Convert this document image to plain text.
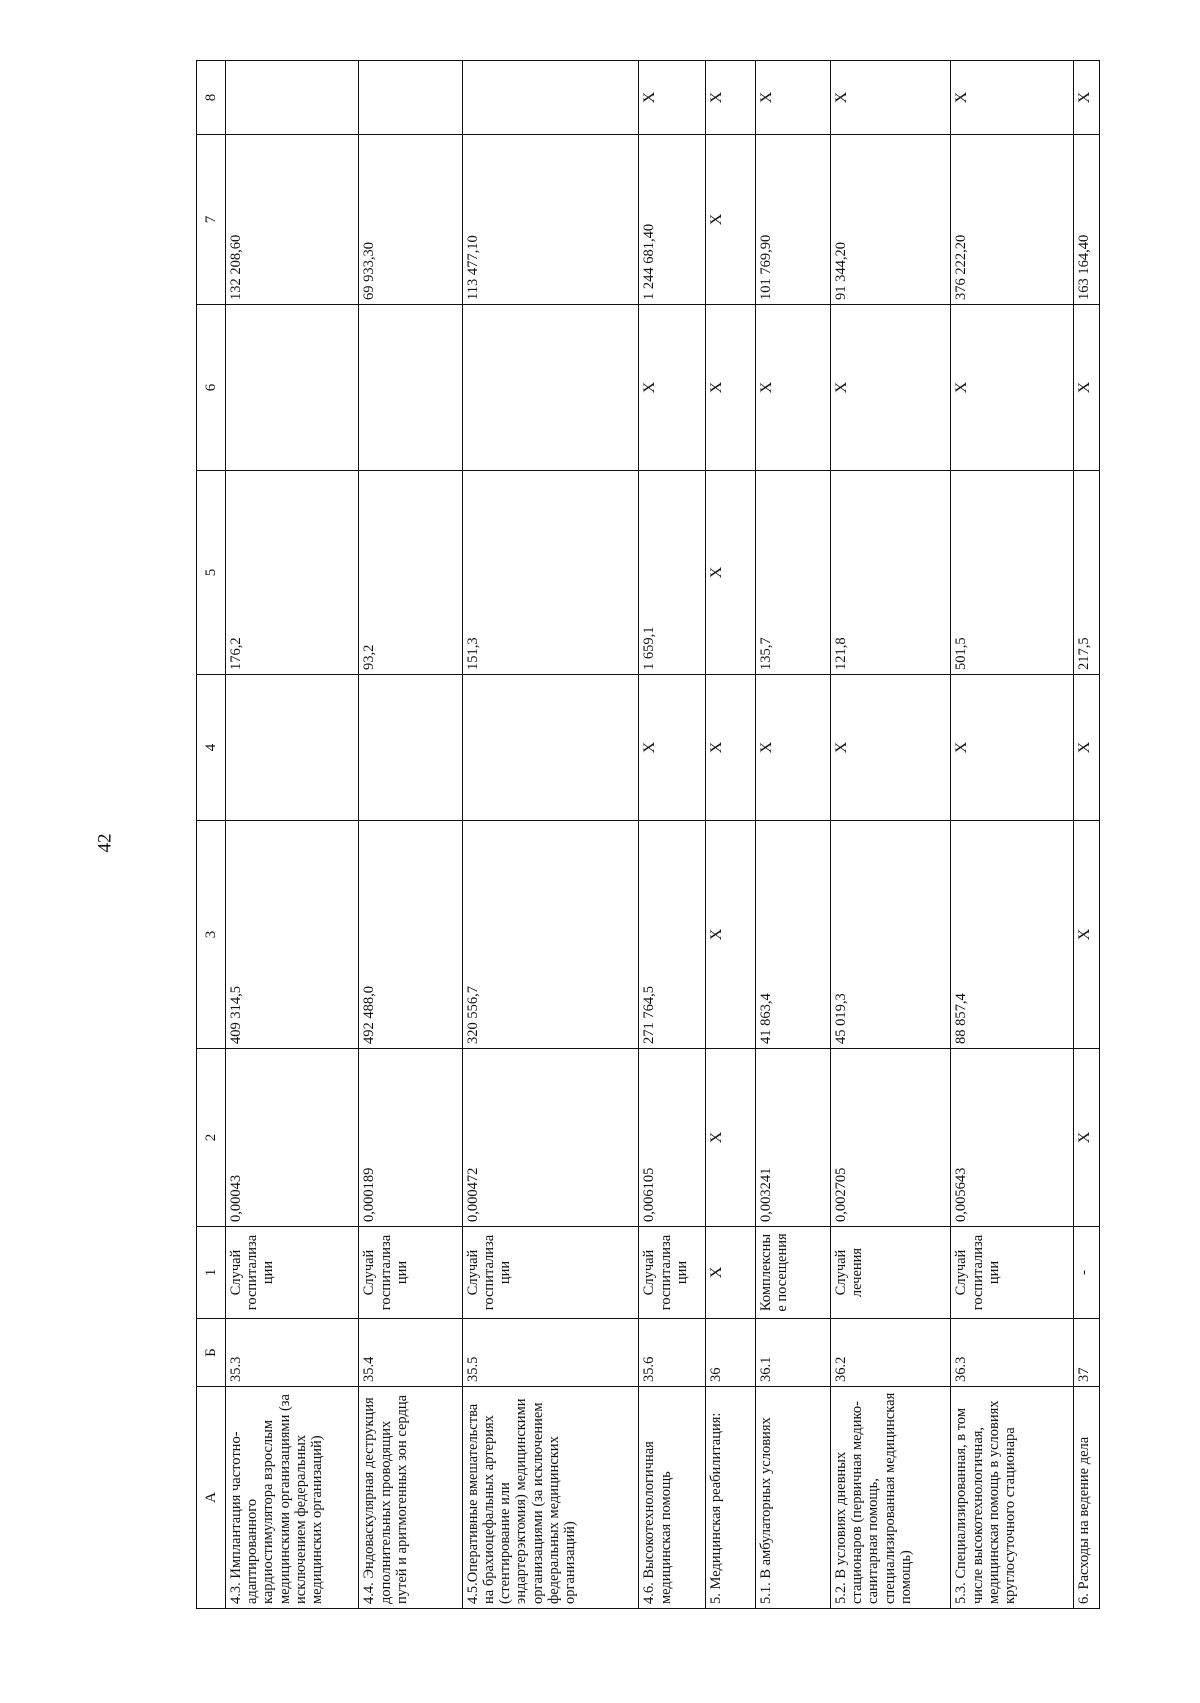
42
А	Б	1	2	3	4	5	6	7	8
4.3. Имплантация частотно-адаптированного кардиостимулятора взрослым медицинскими организациями (за исключением федеральных медицинских организаций)	35.3	Случай госпитализации	0,00043	409 314,5		176,2		132 208,60	
4.4. Эндоваскулярная деструкция дополнительных проводящих путей и аритмогенных зон сердца	35.4	Случай госпитализации	0,000189	492 488,0		93,2		69 933,30	
4.5.Оперативные вмешательства на брахиоцефальных артериях (стентирование или эндартерэктомия) медицинскими организациями (за исключением федеральных медицинских организаций)	35.5	Случай госпитализации	0,000472	320 556,7		151,3		113 477,10	
4.6. Высокотехнологичная медицинская помощь	35.6	Случай госпитализации	0,006105	271 764,5	X	1 659,1	X	1 244 681,40	X
5. Медицинская реабилитация:	36	X	X	X	X	X	X	X	X
5.1. В амбулаторных условиях	36.1	Комплексные посещения	0,003241	41 863,4	X	135,7	X	101 769,90	X
5.2. В условиях дневных стационаров (первичная медико-санитарная помощь, специализированная медицинская помощь)	36.2	Случай лечения	0,002705	45 019,3	X	121,8	X	91 344,20	X
5.3. Специализированная, в том числе высокотехнологичная, медицинская помощь в условиях круглосуточного стационара	36.3	Случай госпитализации	0,005643	88 857,4	X	501,5	X	376 222,20	X
6. Расходы на ведение дела	37	-	X	X	X	217,5	X	163 164,40	X
